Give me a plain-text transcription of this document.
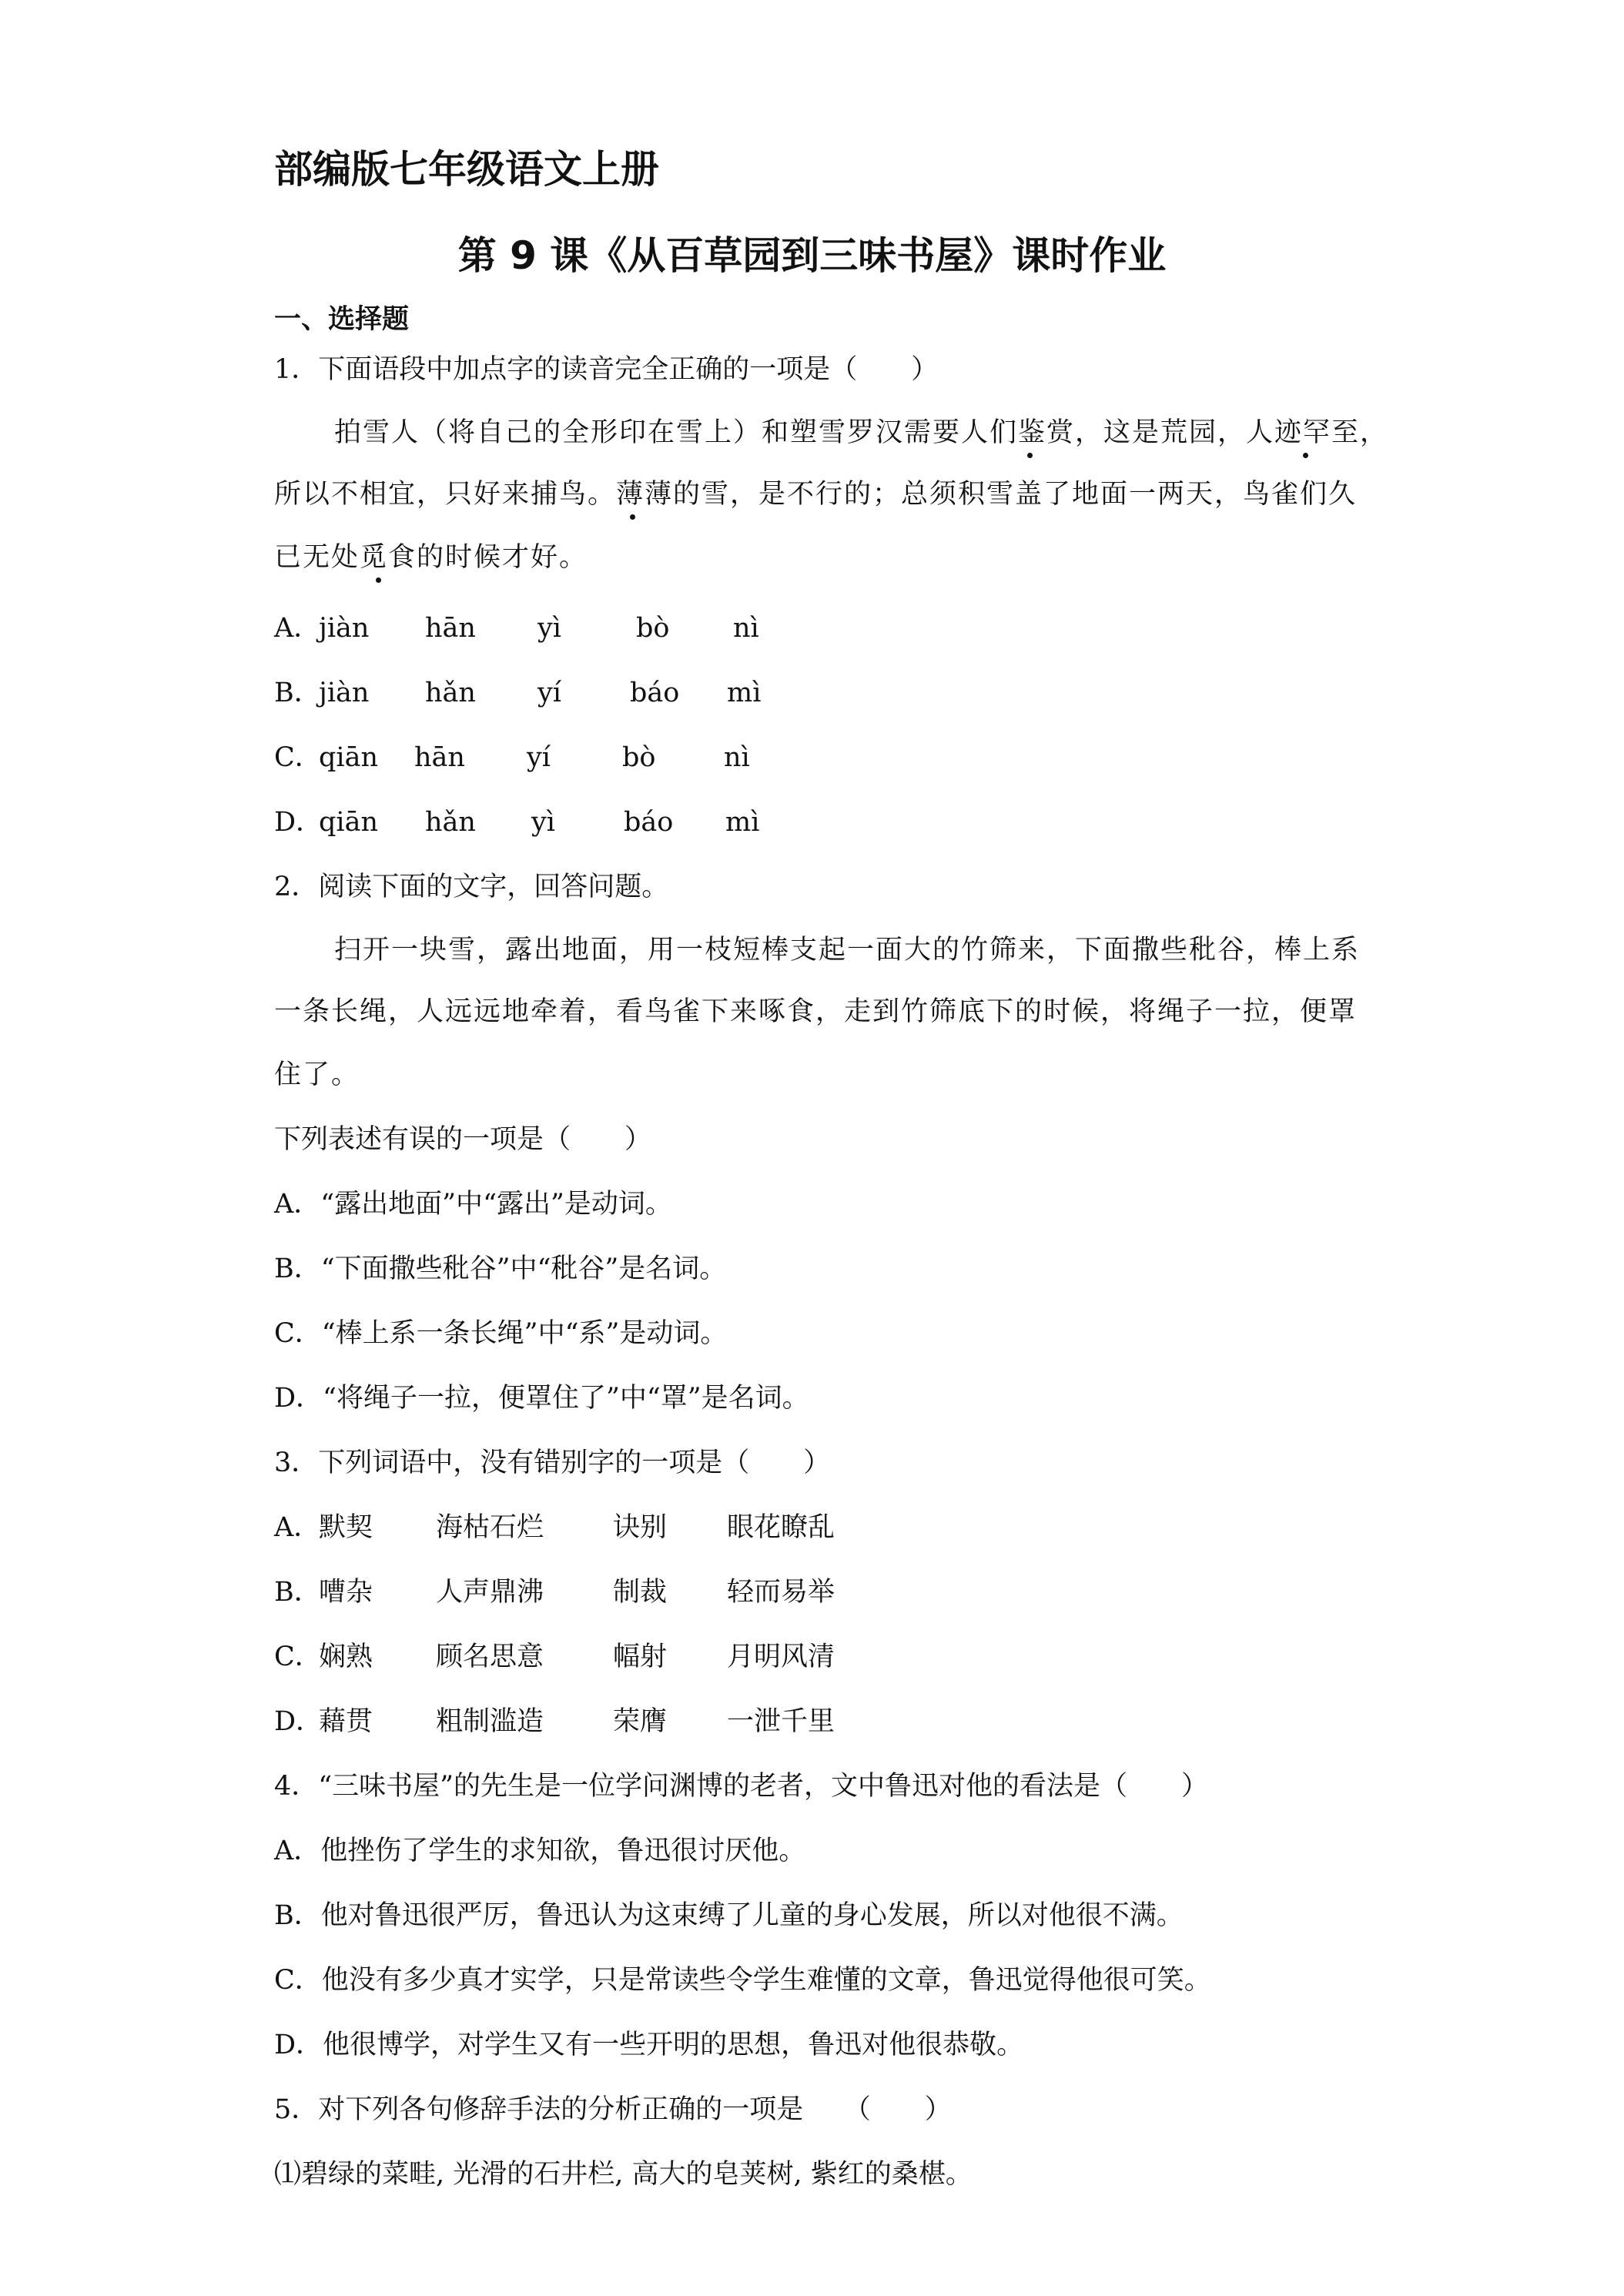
部编版七年级语文上册
第 9 课《从百草园到三味书屋》课时作业
一、选择题
1．下面语段中加点字的读音完全正确的一项是（　　）
拍雪人（将自己的全形印在雪上）和塑雪罗汉需要人们鉴赏，这是荒园，人迹罕至，
所以不相宜，只好来捕鸟。薄薄的雪，是不行的；总须积雪盖了地面一两天，鸟雀们久
已无处觅食的时候才好。
A．
jiàn hān yì	bò nì
B．
jiàn hǎn yí	báo mì
C．
qiān hān yí	bò	nì
D．
qiān hǎn yì	báo mì
2．阅读下面的文字，回答问题。
扫开一块雪，露出地面，用一枝短棒支起一面大的竹筛来，下面撒些秕谷，棒上系
一条长绳，人远远地牵着，看鸟雀下来啄食，走到竹筛底下的时候，将绳子一拉，便罩
住了。
下列表述有误的一项是（　　）
A．“露出地面”中“露出”是动词。
B．“下面撒些秕谷”中“秕谷”是名词。
C．“棒上系一条长绳”中“系”是动词。
D．“将绳子一拉，便罩住了”中“罩”是名词。
3．下列词语中，没有错别字的一项是（　　）
A．
默契 海枯石烂	诀别 眼花瞭乱
B．
嘈杂 人声鼎沸	制裁 轻而易举
C．
娴熟 顾名思意	幅射 月明风清
D．
藉贯 粗制滥造	荣膺 一泄千里
4．“三味书屋”的先生是一位学问渊博的老者，文中鲁迅对他的看法是（　　）
A．他挫伤了学生的求知欲，鲁迅很讨厌他。
B．他对鲁迅很严厉，鲁迅认为这束缚了儿童的身心发展，所以对他很不满。
C．他没有多少真才实学，只是常读些令学生难懂的文章，鲁迅觉得他很可笑。
D．他很博学，对学生又有一些开明的思想，鲁迅对他很恭敬。
5．对下列各句修辞手法的分析正确的一项是　　（　　）
⑴碧绿的菜畦, 光滑的石井栏, 高大的皂荚树, 紫红的桑椹。
